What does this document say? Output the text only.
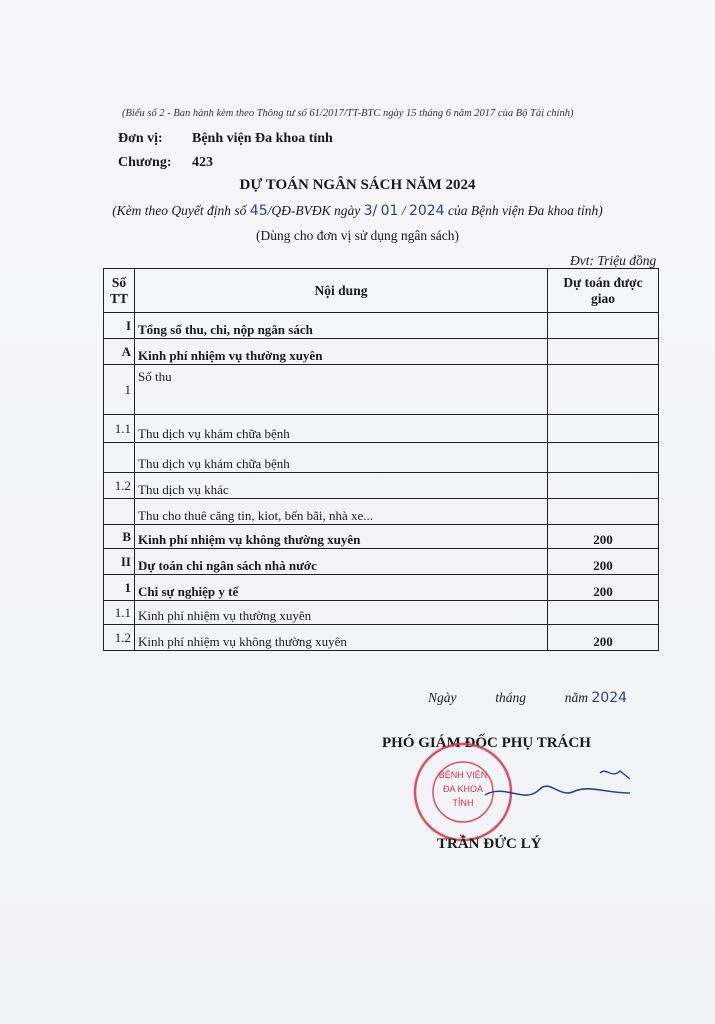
(Biểu số 2 - Ban hành kèm theo Thông tư số 61/2017/TT-BTC ngày 15 tháng 6 năm 2017 của Bộ Tài chính)
Đơn vị: Bệnh viện Đa khoa tỉnh
Chương: 423
DỰ TOÁN NGÂN SÁCH NĂM 2024
(Kèm theo Quyết định số 45/QĐ-BVĐK ngày 3/ 01 / 2024 của Bệnh viện Đa khoa tỉnh)
(Dùng cho đơn vị sử dụng ngân sách)
Đvt: Triệu đồng
Số TT	Nội dung	Dự toán được giao
I	Tổng số thu, chi, nộp ngân sách	
A	Kinh phí nhiệm vụ thường xuyên	
1	Số thu	
1.1	Thu dịch vụ khám chữa bệnh	
	Thu dịch vụ khám chữa bệnh	
1.2	Thu dịch vụ khác	
	Thu cho thuê căng tin, kiot, bến bãi, nhà xe...	
B	Kinh phí nhiệm vụ không thường xuyên	200
II	Dự toán chi ngân sách nhà nước	200
1	Chi sự nghiệp y tế	200
1.1	Kinh phí nhiệm vụ thường xuyên	
1.2	Kinh phí nhiệm vụ không thường xuyên	200
Ngày	tháng	năm 2024
PHÓ GIÁM ĐỐC PHỤ TRÁCH
BỆNH VIỆN
ĐA KHOA
TỈNH
TRẦN ĐỨC LÝ
